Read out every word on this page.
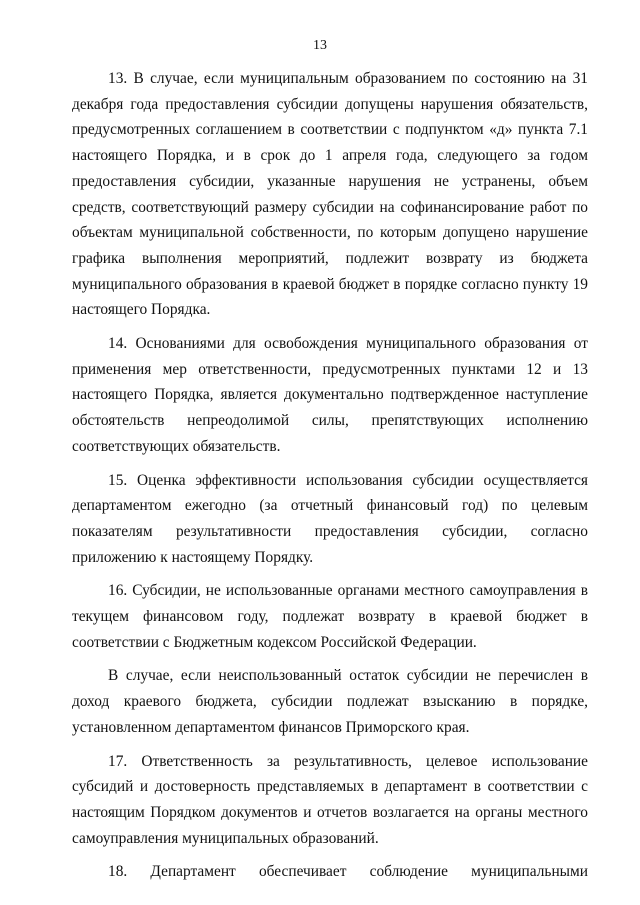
13

13. В случае, если муниципальным образованием по состоянию на 31 декабря года предоставления субсидии допущены нарушения обязательств, предусмотренных соглашением в соответствии с подпунктом «д» пункта 7.1 настоящего Порядка, и в срок до 1 апреля года, следующего за годом предоставления субсидии, указанные нарушения не устранены, объем средств, соответствующий размеру субсидии на софинансирование работ по объектам муниципальной собственности, по которым допущено нарушение графика выполнения мероприятий, подлежит возврату из бюджета муниципального образования в краевой бюджет в порядке согласно пункту 19 настоящего Порядка.

14. Основаниями для освобождения муниципального образования от применения мер ответственности, предусмотренных пунктами 12 и 13 настоящего Порядка, является документально подтвержденное наступление обстоятельств непреодолимой силы, препятствующих исполнению соответствующих обязательств.

15. Оценка эффективности использования субсидии осуществляется департаментом ежегодно (за отчетный финансовый год) по целевым показателям результативности предоставления субсидии, согласно приложению к настоящему Порядку.

16. Субсидии, не использованные органами местного самоуправления в текущем финансовом году, подлежат возврату в краевой бюджет в соответствии с Бюджетным кодексом Российской Федерации.

В случае, если неиспользованный остаток субсидии не перечислен в доход краевого бюджета, субсидии подлежат взысканию в порядке, установленном департаментом финансов Приморского края.

17. Ответственность за результативность, целевое использование субсидий и достоверность представляемых в департамент в соответствии с настоящим Порядком документов и отчетов возлагается на органы местного самоуправления муниципальных образований.

18. Департамент обеспечивает соблюдение муниципальными
